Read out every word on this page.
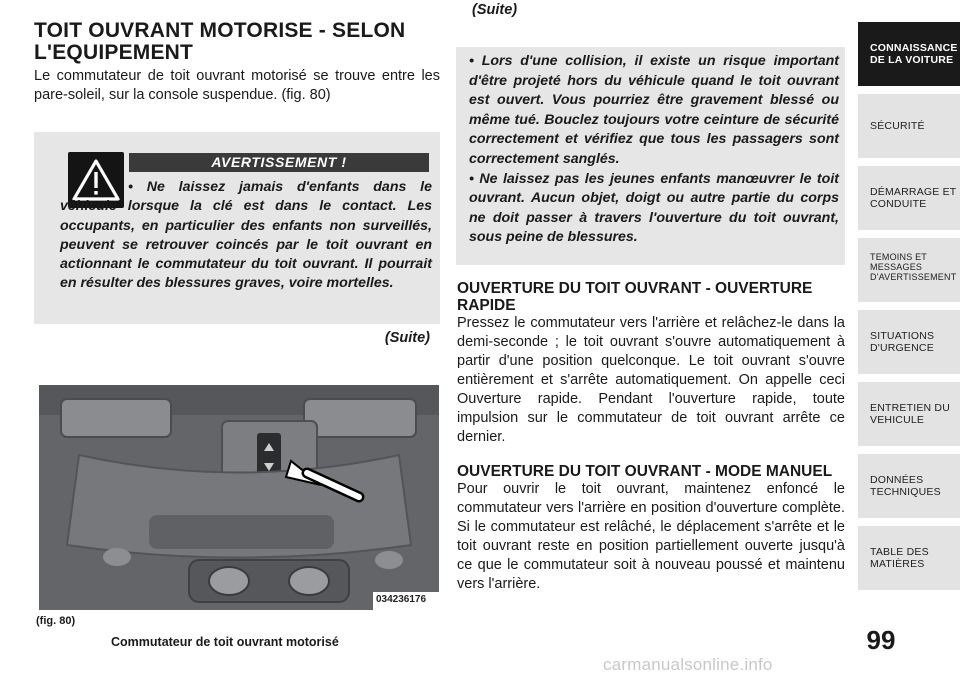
TOIT OUVRANT MOTORISE - SELON L'EQUIPEMENT

Le commutateur de toit ouvrant motorisé se trouve entre les pare-soleil, sur la console suspendue. (fig. 80)

AVERTISSEMENT !

• Ne laissez jamais d'enfants dans le véhicule lorsque la clé est dans le contact. Les occupants, en particulier des enfants non surveillés, peuvent se retrouver coincés par le toit ouvrant en actionnant le commutateur du toit ouvrant. Il pourrait en résulter des blessures graves, voire mortelles.

(Suite)
034236176
(fig. 80)
Commutateur de toit ouvrant motorisé
(Suite)

• Lors d'une collision, il existe un risque important d'être projeté hors du véhicule quand le toit ouvrant est ouvert. Vous pourriez être gravement blessé ou même tué. Bouclez toujours votre ceinture de sécurité correctement et vérifiez que tous les passagers sont correctement sanglés.

• Ne laissez pas les jeunes enfants manœuvrer le toit ouvrant. Aucun objet, doigt ou autre partie du corps ne doit passer à travers l'ouverture du toit ouvrant, sous peine de blessures.

OUVERTURE DU TOIT OUVRANT - OUVERTURE RAPIDE

Pressez le commutateur vers l'arrière et relâchez-le dans la demi-seconde ; le toit ouvrant s'ouvre automatiquement à partir d'une position quelconque. Le toit ouvrant s'ouvre entièrement et s'arrête automatiquement. On appelle ceci Ouverture rapide. Pendant l'ouverture rapide, toute impulsion sur le commutateur de toit ouvrant arrête ce dernier.

OUVERTURE DU TOIT OUVRANT - MODE MANUEL

Pour ouvrir le toit ouvrant, maintenez enfoncé le commutateur vers l'arrière en position d'ouverture complète. Si le commutateur est relâché, le déplacement s'arrête et le toit ouvrant reste en position partiellement ouverte jusqu'à ce que le commutateur soit à nouveau poussé et maintenu vers l'arrière.

CONNAISSANCE DE LA VOITURE
SÉCURITÉ
DÉMARRAGE ET CONDUITE
TEMOINS ET MESSAGES D'AVERTISSEMENT
SITUATIONS D'URGENCE
ENTRETIEN DU VEHICULE
DONNÉES TECHNIQUES
TABLE DES MATIÈRES
99
carmanualsonline.info
